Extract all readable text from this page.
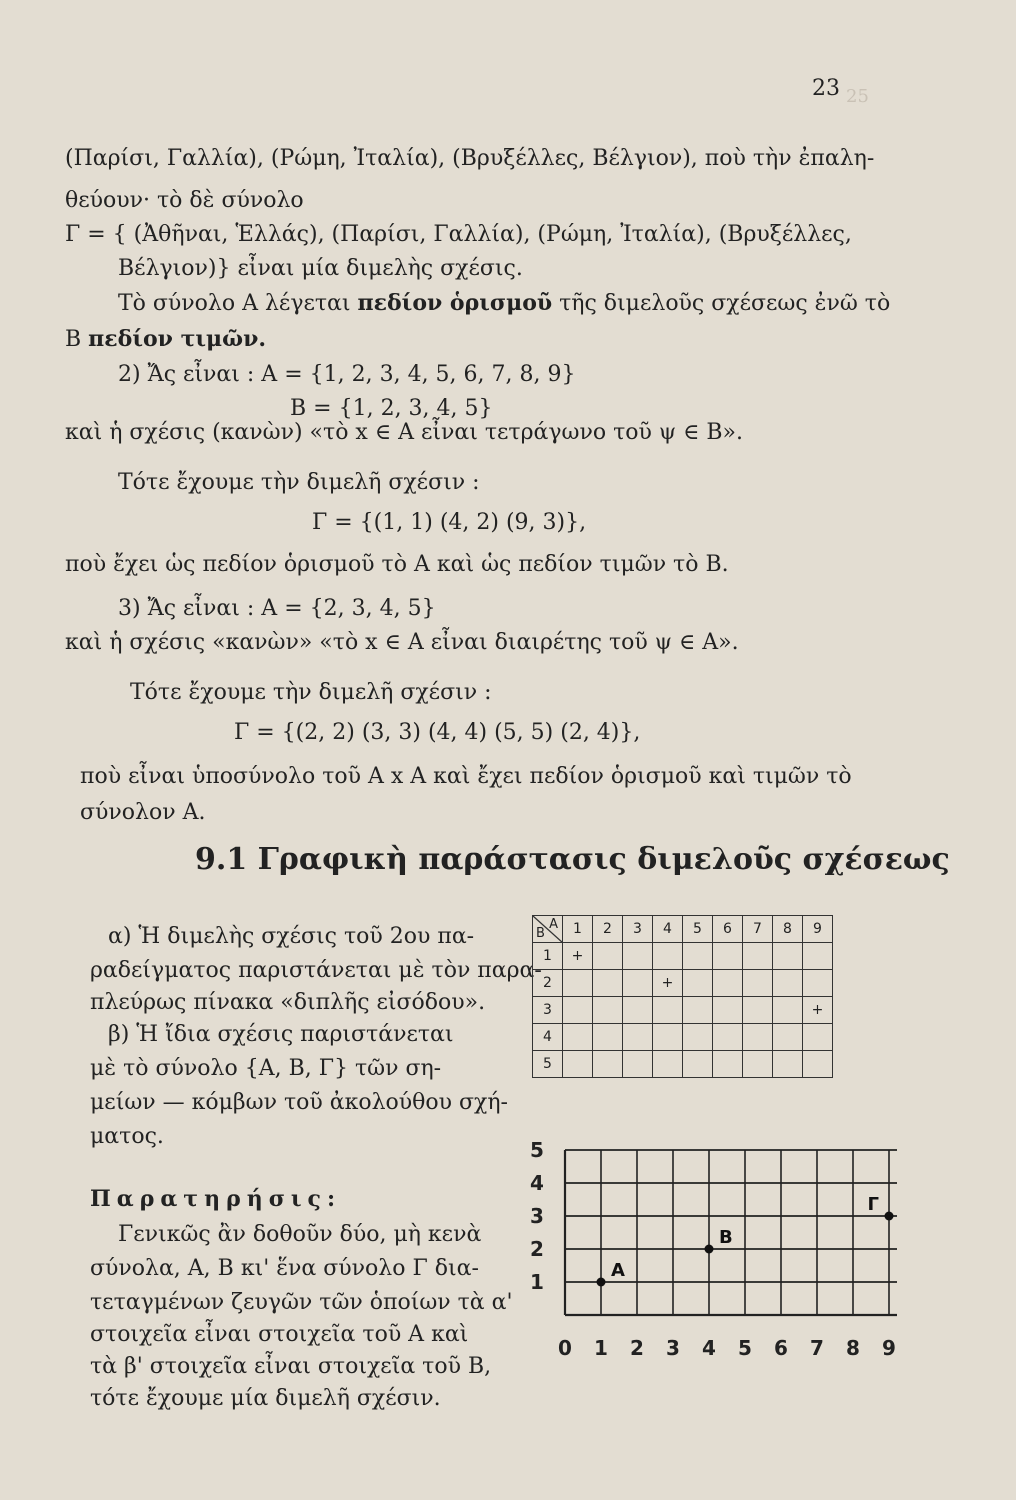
23 25
(Παρίσι, Γαλλία), (Ρώμη, Ἰταλία), (Βρυξέλλες, Βέλγιον), ποὺ τὴν ἐπαλη-
θεύουν· τὸ δὲ σύνολο
Γ = { (Ἀθῆναι, Ἑλλάς), (Παρίσι, Γαλλία), (Ρώμη, Ἰταλία), (Βρυξέλλες,
Βέλγιον)} εἶναι μία διμελὴς σχέσις.
Τὸ σύνολο Α λέγεται πεδίον ὁρισμοῦ τῆς διμελοῦς σχέσεως ἐνῶ τὸ
Β πεδίον τιμῶν.
2) Ἄς εἶναι : Α = {1, 2, 3, 4, 5, 6, 7, 8, 9}
Β = {1, 2, 3, 4, 5}
καὶ ἡ σχέσις (κανὼν) «τὸ x ∈ A εἶναι τετράγωνο τοῦ ψ ∈ Β».
Τότε ἔχουμε τὴν διμελῆ σχέσιν :
Γ = {(1, 1) (4, 2) (9, 3)},
ποὺ ἔχει ὡς πεδίον ὁρισμοῦ τὸ Α καὶ ὡς πεδίον τιμῶν τὸ Β.
3) Ἄς εἶναι : Α = {2, 3, 4, 5}
καὶ ἡ σχέσις «κανὼν» «τὸ x ∈ A εἶναι διαιρέτης τοῦ ψ ∈ Α».
Τότε ἔχουμε τὴν διμελῆ σχέσιν :
Γ = {(2, 2) (3, 3) (4, 4) (5, 5) (2, 4)},
ποὺ εἶναι ὑποσύνολο τοῦ Α x Α καὶ ἔχει πεδίον ὁρισμοῦ καὶ τιμῶν τὸ
σύνολον Α.
9.1 Γραφικὴ παράστασις διμελοῦς σχέσεως
α) Ἡ διμελὴς σχέσις τοῦ 2ου πα-
ραδείγματος παριστάνεται μὲ τὸν παρα-
πλεύρως πίνακα «διπλῆς εἰσόδου».
β) Ἡ ἴδια σχέσις παριστάνεται
μὲ τὸ σύνολο {Α, Β, Γ} τῶν ση-
μείων — κόμβων τοῦ ἀκολούθου σχή-
ματος.
A
B	1	2	3	4	5	6	7	8	9
1	+								
2				+					
3									+
4									
5									
Παρατηρήσις:
Γενικῶς ἂν δοθοῦν δύο, μὴ κενὰ
σύνολα, Α, Β κι' ἕνα σύνολο Γ δια-
τεταγμένων ζευγῶν τῶν ὁποίων τὰ α'
στοιχεῖα εἶναι στοιχεῖα τοῦ Α καὶ
τὰ β' στοιχεῖα εἶναι στοιχεῖα τοῦ Β,
τότε ἔχουμε μία διμελῆ σχέσιν.
0 1 2 3 4 5 6 7 8 9
1
2
3
4
5
A
B
Γ
